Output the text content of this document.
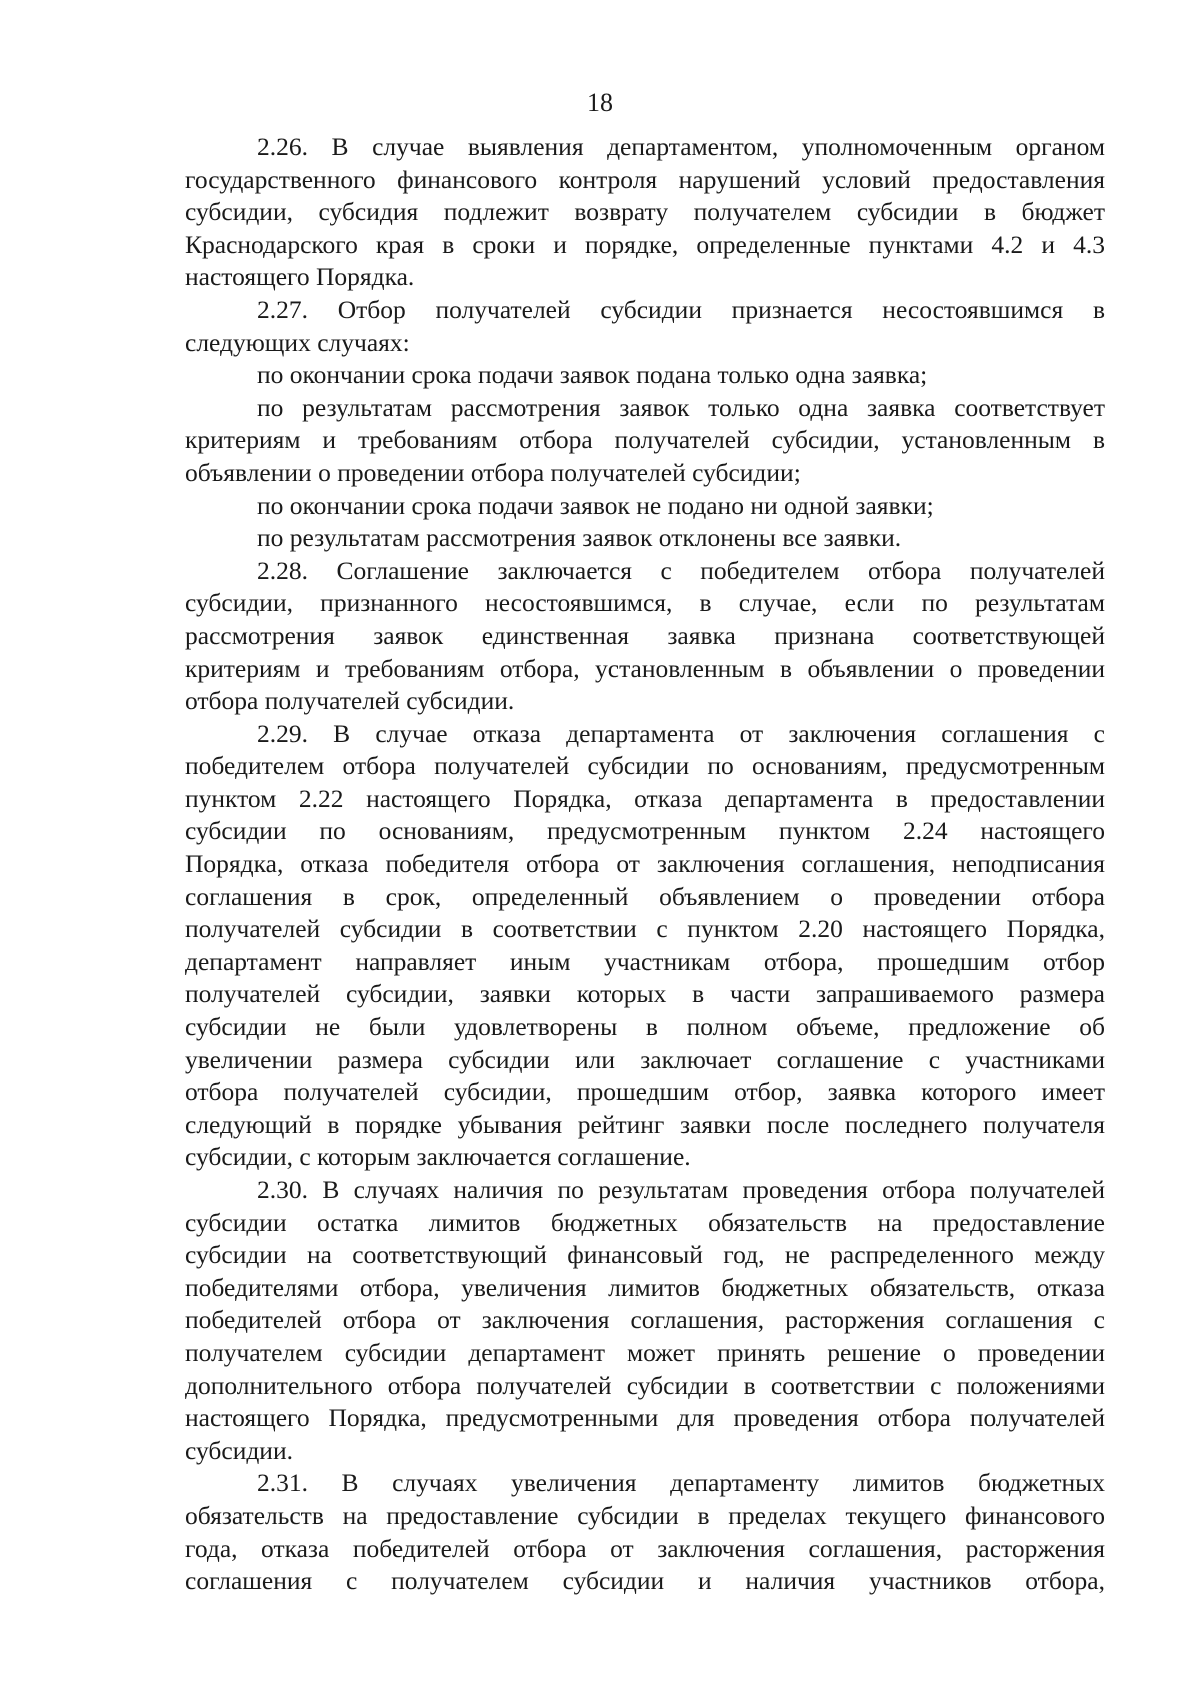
18
2.26. В случае выявления департаментом, уполномоченным органом
государственного финансового контроля нарушений условий предоставления
субсидии, субсидия подлежит возврату получателем субсидии в бюджет
Краснодарского края в сроки и порядке, определенные пунктами 4.2 и 4.3
настоящего Порядка.
2.27. Отбор получателей субсидии признается несостоявшимся в
следующих случаях:
по окончании срока подачи заявок подана только одна заявка;
по результатам рассмотрения заявок только одна заявка соответствует
критериям и требованиям отбора получателей субсидии, установленным в
объявлении о проведении отбора получателей субсидии;
по окончании срока подачи заявок не подано ни одной заявки;
по результатам рассмотрения заявок отклонены все заявки.
2.28. Соглашение заключается с победителем отбора получателей
субсидии, признанного несостоявшимся, в случае, если по результатам
рассмотрения заявок единственная заявка признана соответствующей
критериям и требованиям отбора, установленным в объявлении о проведении
отбора получателей субсидии.
2.29. В случае отказа департамента от заключения соглашения с
победителем отбора получателей субсидии по основаниям, предусмотренным
пунктом 2.22 настоящего Порядка, отказа департамента в предоставлении
субсидии по основаниям, предусмотренным пунктом 2.24 настоящего
Порядка, отказа победителя отбора от заключения соглашения, неподписания
соглашения в срок, определенный объявлением о проведении отбора
получателей субсидии в соответствии с пунктом 2.20 настоящего Порядка,
департамент направляет иным участникам отбора, прошедшим отбор
получателей субсидии, заявки которых в части запрашиваемого размера
субсидии не были удовлетворены в полном объеме, предложение об
увеличении размера субсидии или заключает соглашение с участниками
отбора получателей субсидии, прошедшим отбор, заявка которого имеет
следующий в порядке убывания рейтинг заявки после последнего получателя
субсидии, с которым заключается соглашение.
2.30. В случаях наличия по результатам проведения отбора получателей
субсидии остатка лимитов бюджетных обязательств на предоставление
субсидии на соответствующий финансовый год, не распределенного между
победителями отбора, увеличения лимитов бюджетных обязательств, отказа
победителей отбора от заключения соглашения, расторжения соглашения с
получателем субсидии департамент может принять решение о проведении
дополнительного отбора получателей субсидии в соответствии с положениями
настоящего Порядка, предусмотренными для проведения отбора получателей
субсидии.
2.31. В случаях увеличения департаменту лимитов бюджетных
обязательств на предоставление субсидии в пределах текущего финансового
года, отказа победителей отбора от заключения соглашения, расторжения
соглашения с получателем субсидии и наличия участников отбора,
